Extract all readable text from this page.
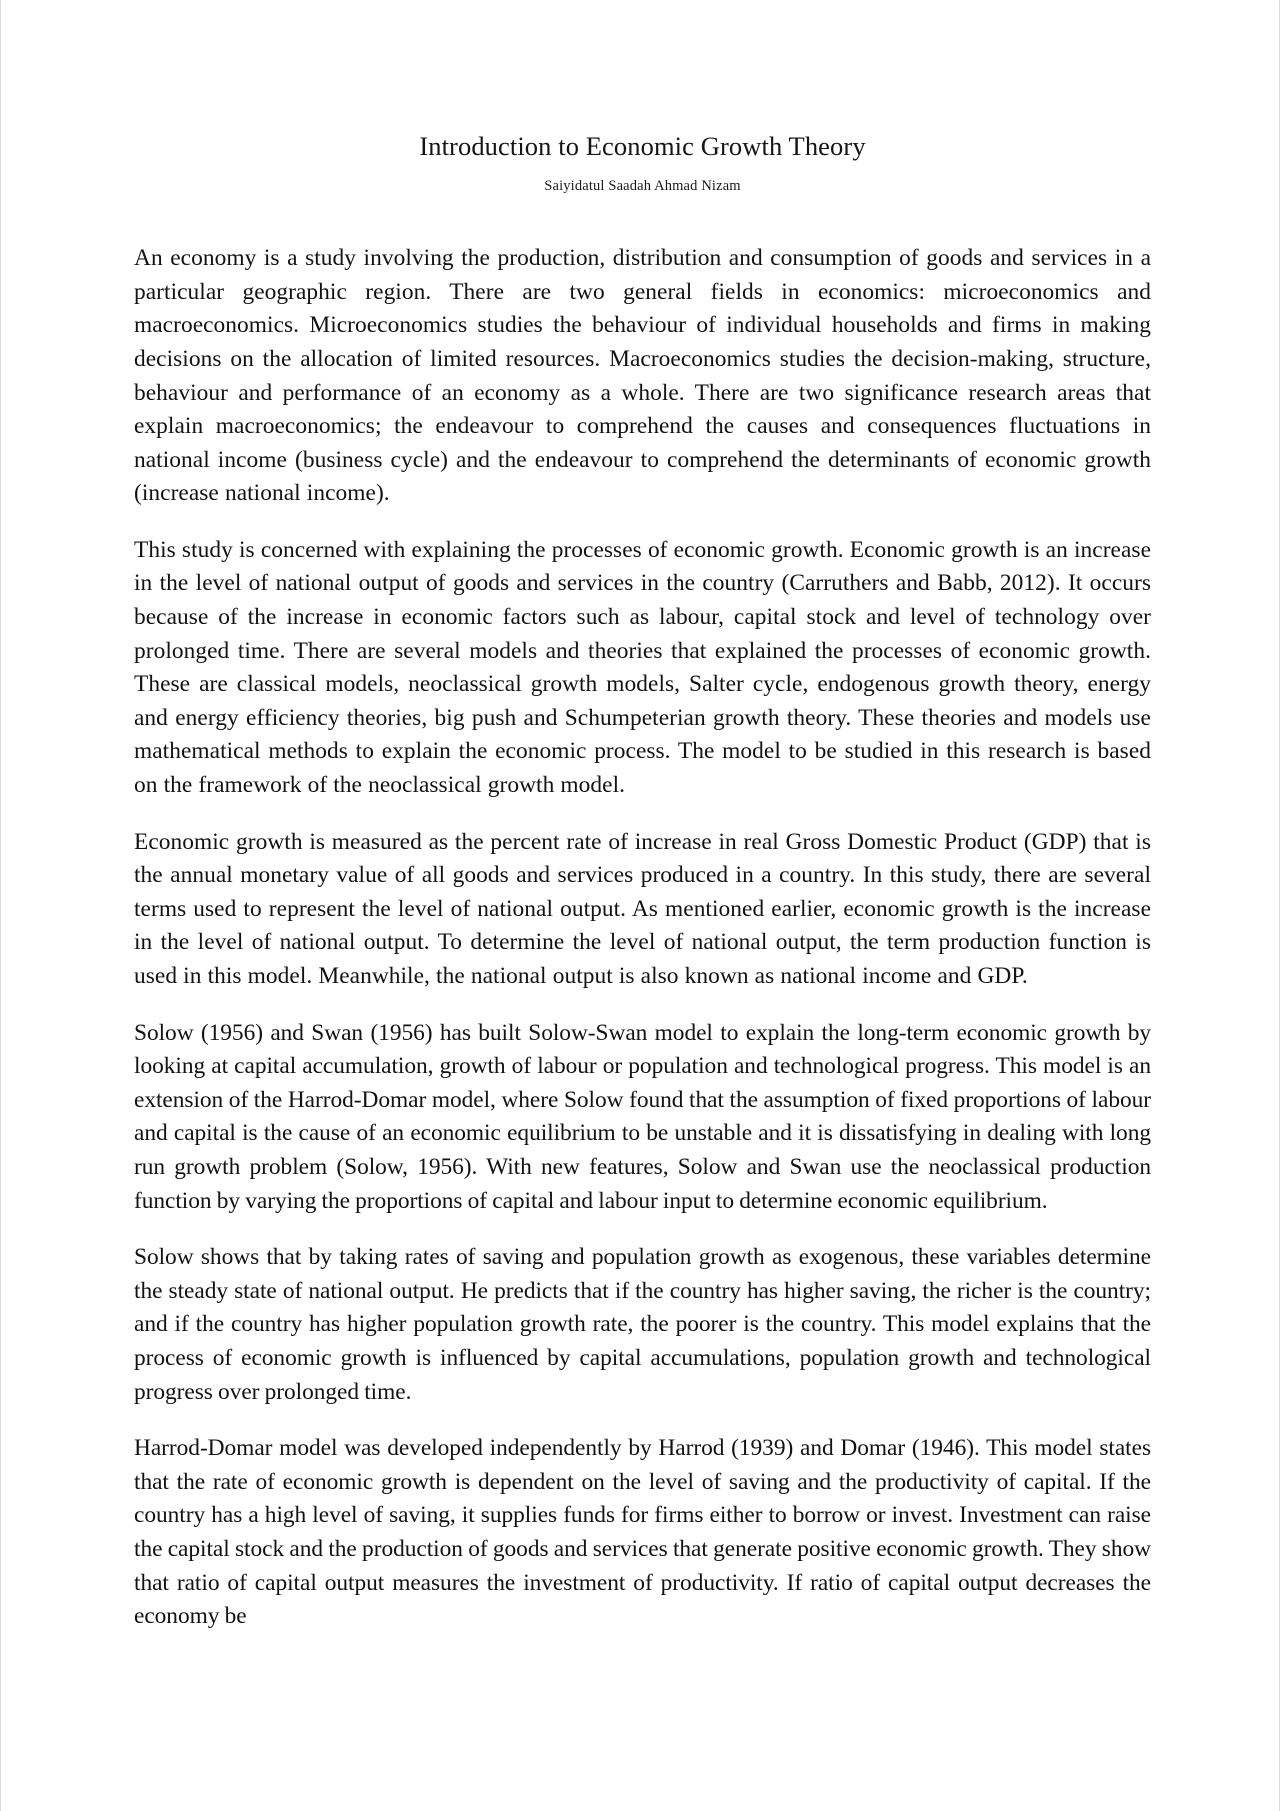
Introduction to Economic Growth Theory
Saiyidatul Saadah Ahmad Nizam

An economy is a study involving the production, distribution and consumption of goods and services in a particular geographic region. There are two general fields in economics: microeconomics and macroeconomics. Microeconomics studies the behaviour of individual households and firms in making decisions on the allocation of limited resources. Macroeconomics studies the decision-making, structure, behaviour and performance of an economy as a whole. There are two significance research areas that explain macroeconomics; the endeavour to comprehend the causes and consequences fluctuations in national income (business cycle) and the endeavour to comprehend the determinants of economic growth (increase national income).

This study is concerned with explaining the processes of economic growth. Economic growth is an increase in the level of national output of goods and services in the country (Carruthers and Babb, 2012). It occurs because of the increase in economic factors such as labour, capital stock and level of technology over prolonged time. There are several models and theories that explained the processes of economic growth. These are classical models, neoclassical growth models, Salter cycle, endogenous growth theory, energy and energy efficiency theories, big push and Schumpeterian growth theory. These theories and models use mathematical methods to explain the economic process. The model to be studied in this research is based on the framework of the neoclassical growth model.

Economic growth is measured as the percent rate of increase in real Gross Domestic Product (GDP) that is the annual monetary value of all goods and services produced in a country. In this study, there are several terms used to represent the level of national output. As mentioned earlier, economic growth is the increase in the level of national output. To determine the level of national output, the term production function is used in this model. Meanwhile, the national output is also known as national income and GDP.

Solow (1956) and Swan (1956) has built Solow-Swan model to explain the long-term economic growth by looking at capital accumulation, growth of labour or population and technological progress. This model is an extension of the Harrod-Domar model, where Solow found that the assumption of fixed proportions of labour and capital is the cause of an economic equilibrium to be unstable and it is dissatisfying in dealing with long run growth problem (Solow, 1956). With new features, Solow and Swan use the neoclassical production function by varying the proportions of capital and labour input to determine economic equilibrium.

Solow shows that by taking rates of saving and population growth as exogenous, these variables determine the steady state of national output. He predicts that if the country has higher saving, the richer is the country; and if the country has higher population growth rate, the poorer is the country. This model explains that the process of economic growth is influenced by capital accumulations, population growth and technological progress over prolonged time.

Harrod-Domar model was developed independently by Harrod (1939) and Domar (1946). This model states that the rate of economic growth is dependent on the level of saving and the productivity of capital. If the country has a high level of saving, it supplies funds for firms either to borrow or invest. Investment can raise the capital stock and the production of goods and services that generate positive economic growth. They show that ratio of capital output measures the investment of productivity. If ratio of capital output decreases the economy be
